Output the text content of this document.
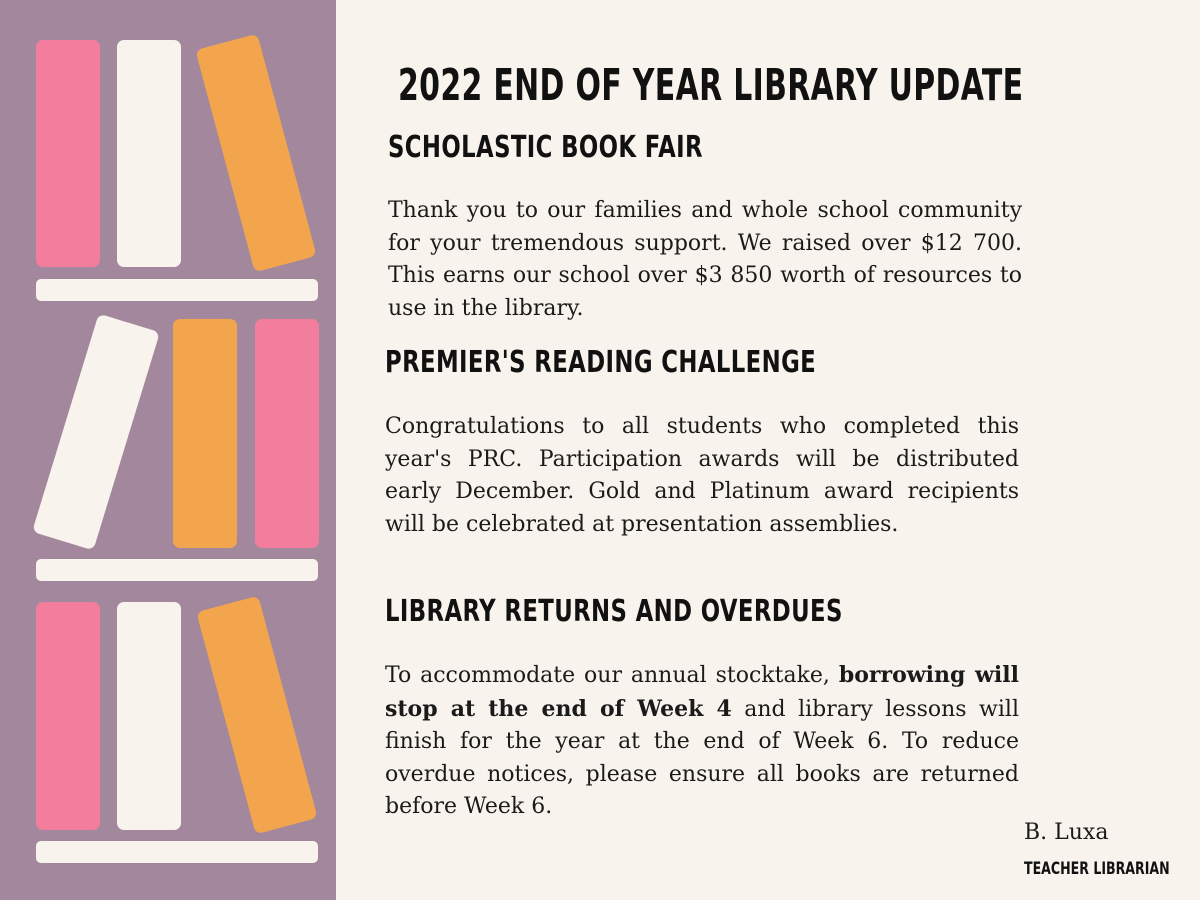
2022 END OF YEAR LIBRARY UPDATE
SCHOLASTIC BOOK FAIR
Thank you to our families and whole school community for your tremendous support. We raised over $12 700. This earns our school over $3 850 worth of resources to use in the library.
PREMIER'S READING CHALLENGE
Congratulations to all students who completed this year's PRC. Participation awards will be distributed early December. Gold and Platinum award recipients will be celebrated at presentation assemblies.
LIBRARY RETURNS AND OVERDUES
To accommodate our annual stocktake, borrowing will stop at the end of Week 4 and library lessons will finish for the year at the end of Week 6. To reduce overdue notices, please ensure all books are returned before Week 6.
B. Luxa
TEACHER LIBRARIAN
